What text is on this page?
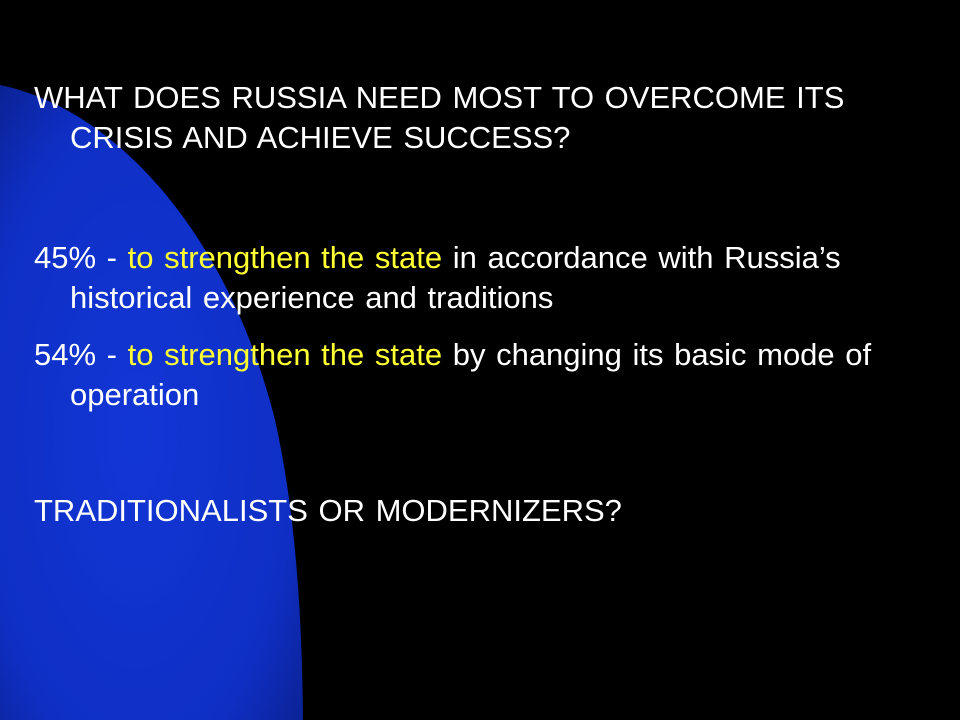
WHAT DOES RUSSIA NEED MOST TO OVERCOME ITS CRISIS AND ACHIEVE SUCCESS?

45% - to strengthen the state in accordance with Russia’s historical experience and traditions

54% - to strengthen the state by changing its basic mode of operation

TRADITIONALISTS OR MODERNIZERS?
